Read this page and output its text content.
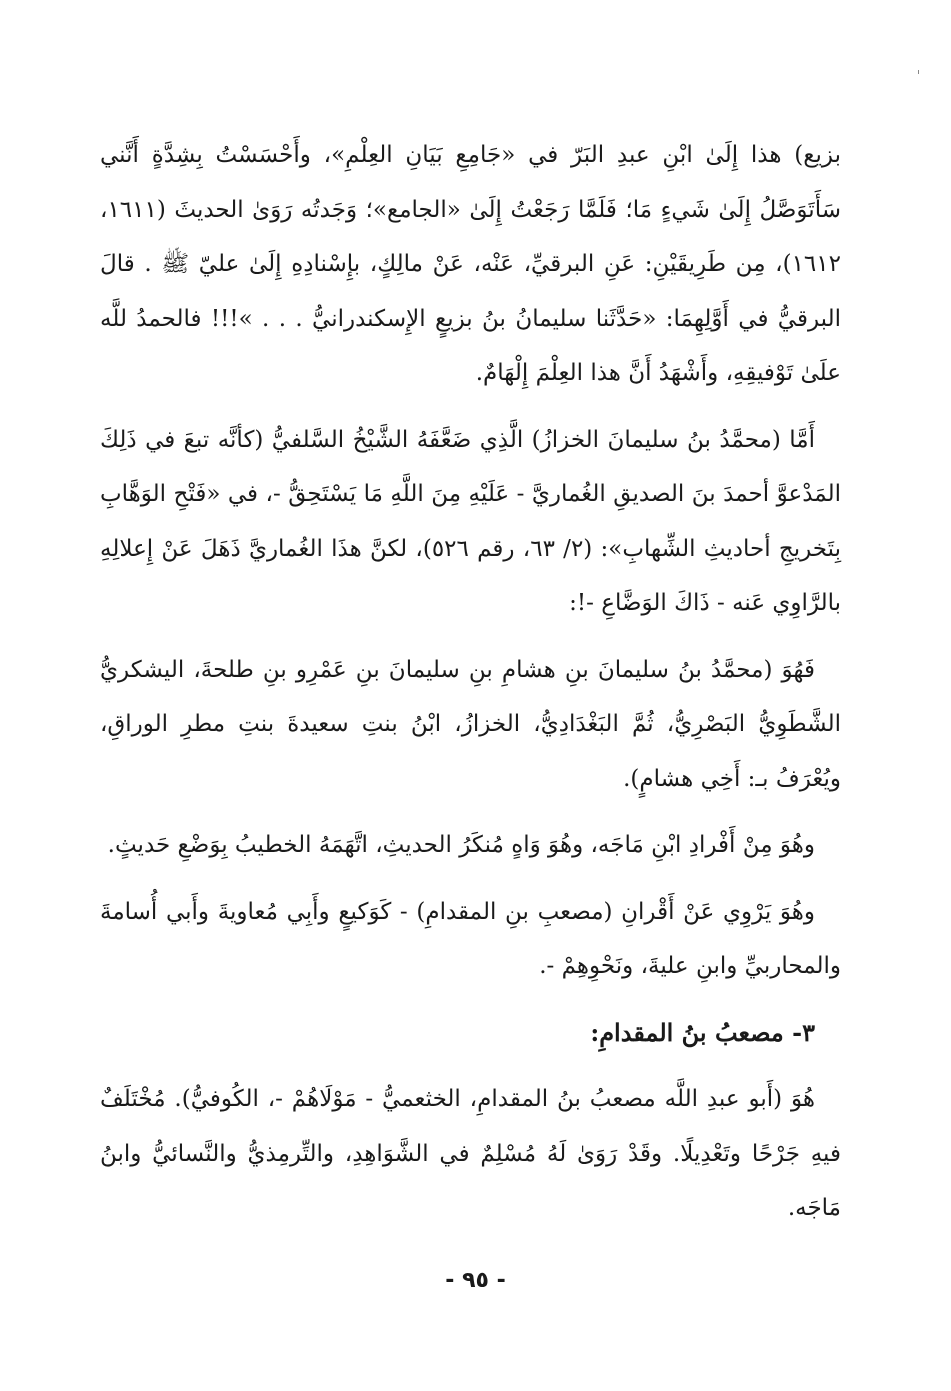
بزيع) هذا إِلَىٰ ابْنِ عبدِ البَرّ في «جَامِعِ بَيَانِ العِلْمِ»، وأَحْسَسْتُ بِشِدَّةٍ أَنَّني سَأَتَوَصَّلُ إِلَىٰ شَيءٍ مَا؛ فَلَمَّا رَجَعْتُ إِلَىٰ «الجامع»؛ وَجَدتُه رَوَىٰ الحديثَ (١٦١١، ١٦١٢)، مِن طَرِيقَيْنِ: عَنِ البرقيِّ، عَنْه، عَنْ مالِكٍ، بإِسْنادِهِ إِلَىٰ عليّ ﷺ . قالَ البرقيُّ في أَوَّلِهِمَا: «حَدَّثَنا سليمانُ بنُ بزيعٍ الإِسكندرانيُّ . . . »!!! فالحمدُ للَّه علَىٰ تَوْفيقِهِ، وأَشْهَدُ أَنَّ هذا العِلْمَ إِلْهَامٌ.

أَمَّا (محمَّدُ بنُ سليمانَ الخزازُ) الَّذِي ضَعَّفَهُ الشَّيْخُ السَّلفيُّ (كأنَّه تبعَ في ذَلِكَ المَدْعوَّ أحمدَ بنَ الصديقِ الغُماريَّ - عَلَيْهِ مِنَ اللَّهِ مَا يَسْتَحِقُّ -، في «فَتْحِ الوَهَّابِ بِتَخريجِ أحاديثِ الشِّهابِ»: (٢/ ٦٣، رقم ٥٢٦)، لكنَّ هذَا الغُماريَّ ذَهَلَ عَنْ إِعلالِهِ بالرَّاوِي عَنه - ذَاكَ الوَضَّاعِ -!:

فَهُوَ (محمَّدُ بنُ سليمانَ بنِ هشامِ بنِ سليمانَ بنِ عَمْرِو بنِ طلحةَ، اليشكريُّ الشَّطَوِيُّ البَصْرِيُّ، ثُمَّ البَغْدَادِيُّ، الخزازُ، ابْنُ بنتِ سعيدةَ بنتِ مطرِ الوراقِ، ويُعْرَفُ بـ: أَخِي هشامٍ).

وهُوَ مِنْ أَفْرادِ ابْنِ مَاجَه، وهُوَ وَاهٍ مُنكَرُ الحديثِ، اتَّهَمَهُ الخطيبُ بِوَضْعِ حَديثٍ.

وهُوَ يَرْوِي عَنْ أَقْرانِ (مصعبِ بنِ المقدامِ) - كَوَكيعٍ وأَبِي مُعاويةَ وأَبي أُسامةَ والمحاربيِّ وابنِ عليةَ، ونَحْوِهِمْ -.

٣- مصعبُ بنُ المقدامِ:

هُوَ (أَبو عبدِ اللَّه مصعبُ بنُ المقدامِ، الخثعميُّ - مَوْلَاهُمْ -، الكُوفيُّ). مُخْتَلَفٌ فيهِ جَرْحًا وتَعْدِيلًا. وقَدْ رَوَىٰ لَهُ مُسْلِمٌ في الشَّوَاهِدِ، والتِّرمِذيُّ والنَّسائيُّ وابنُ مَاجَه.

- ٩٥ -
